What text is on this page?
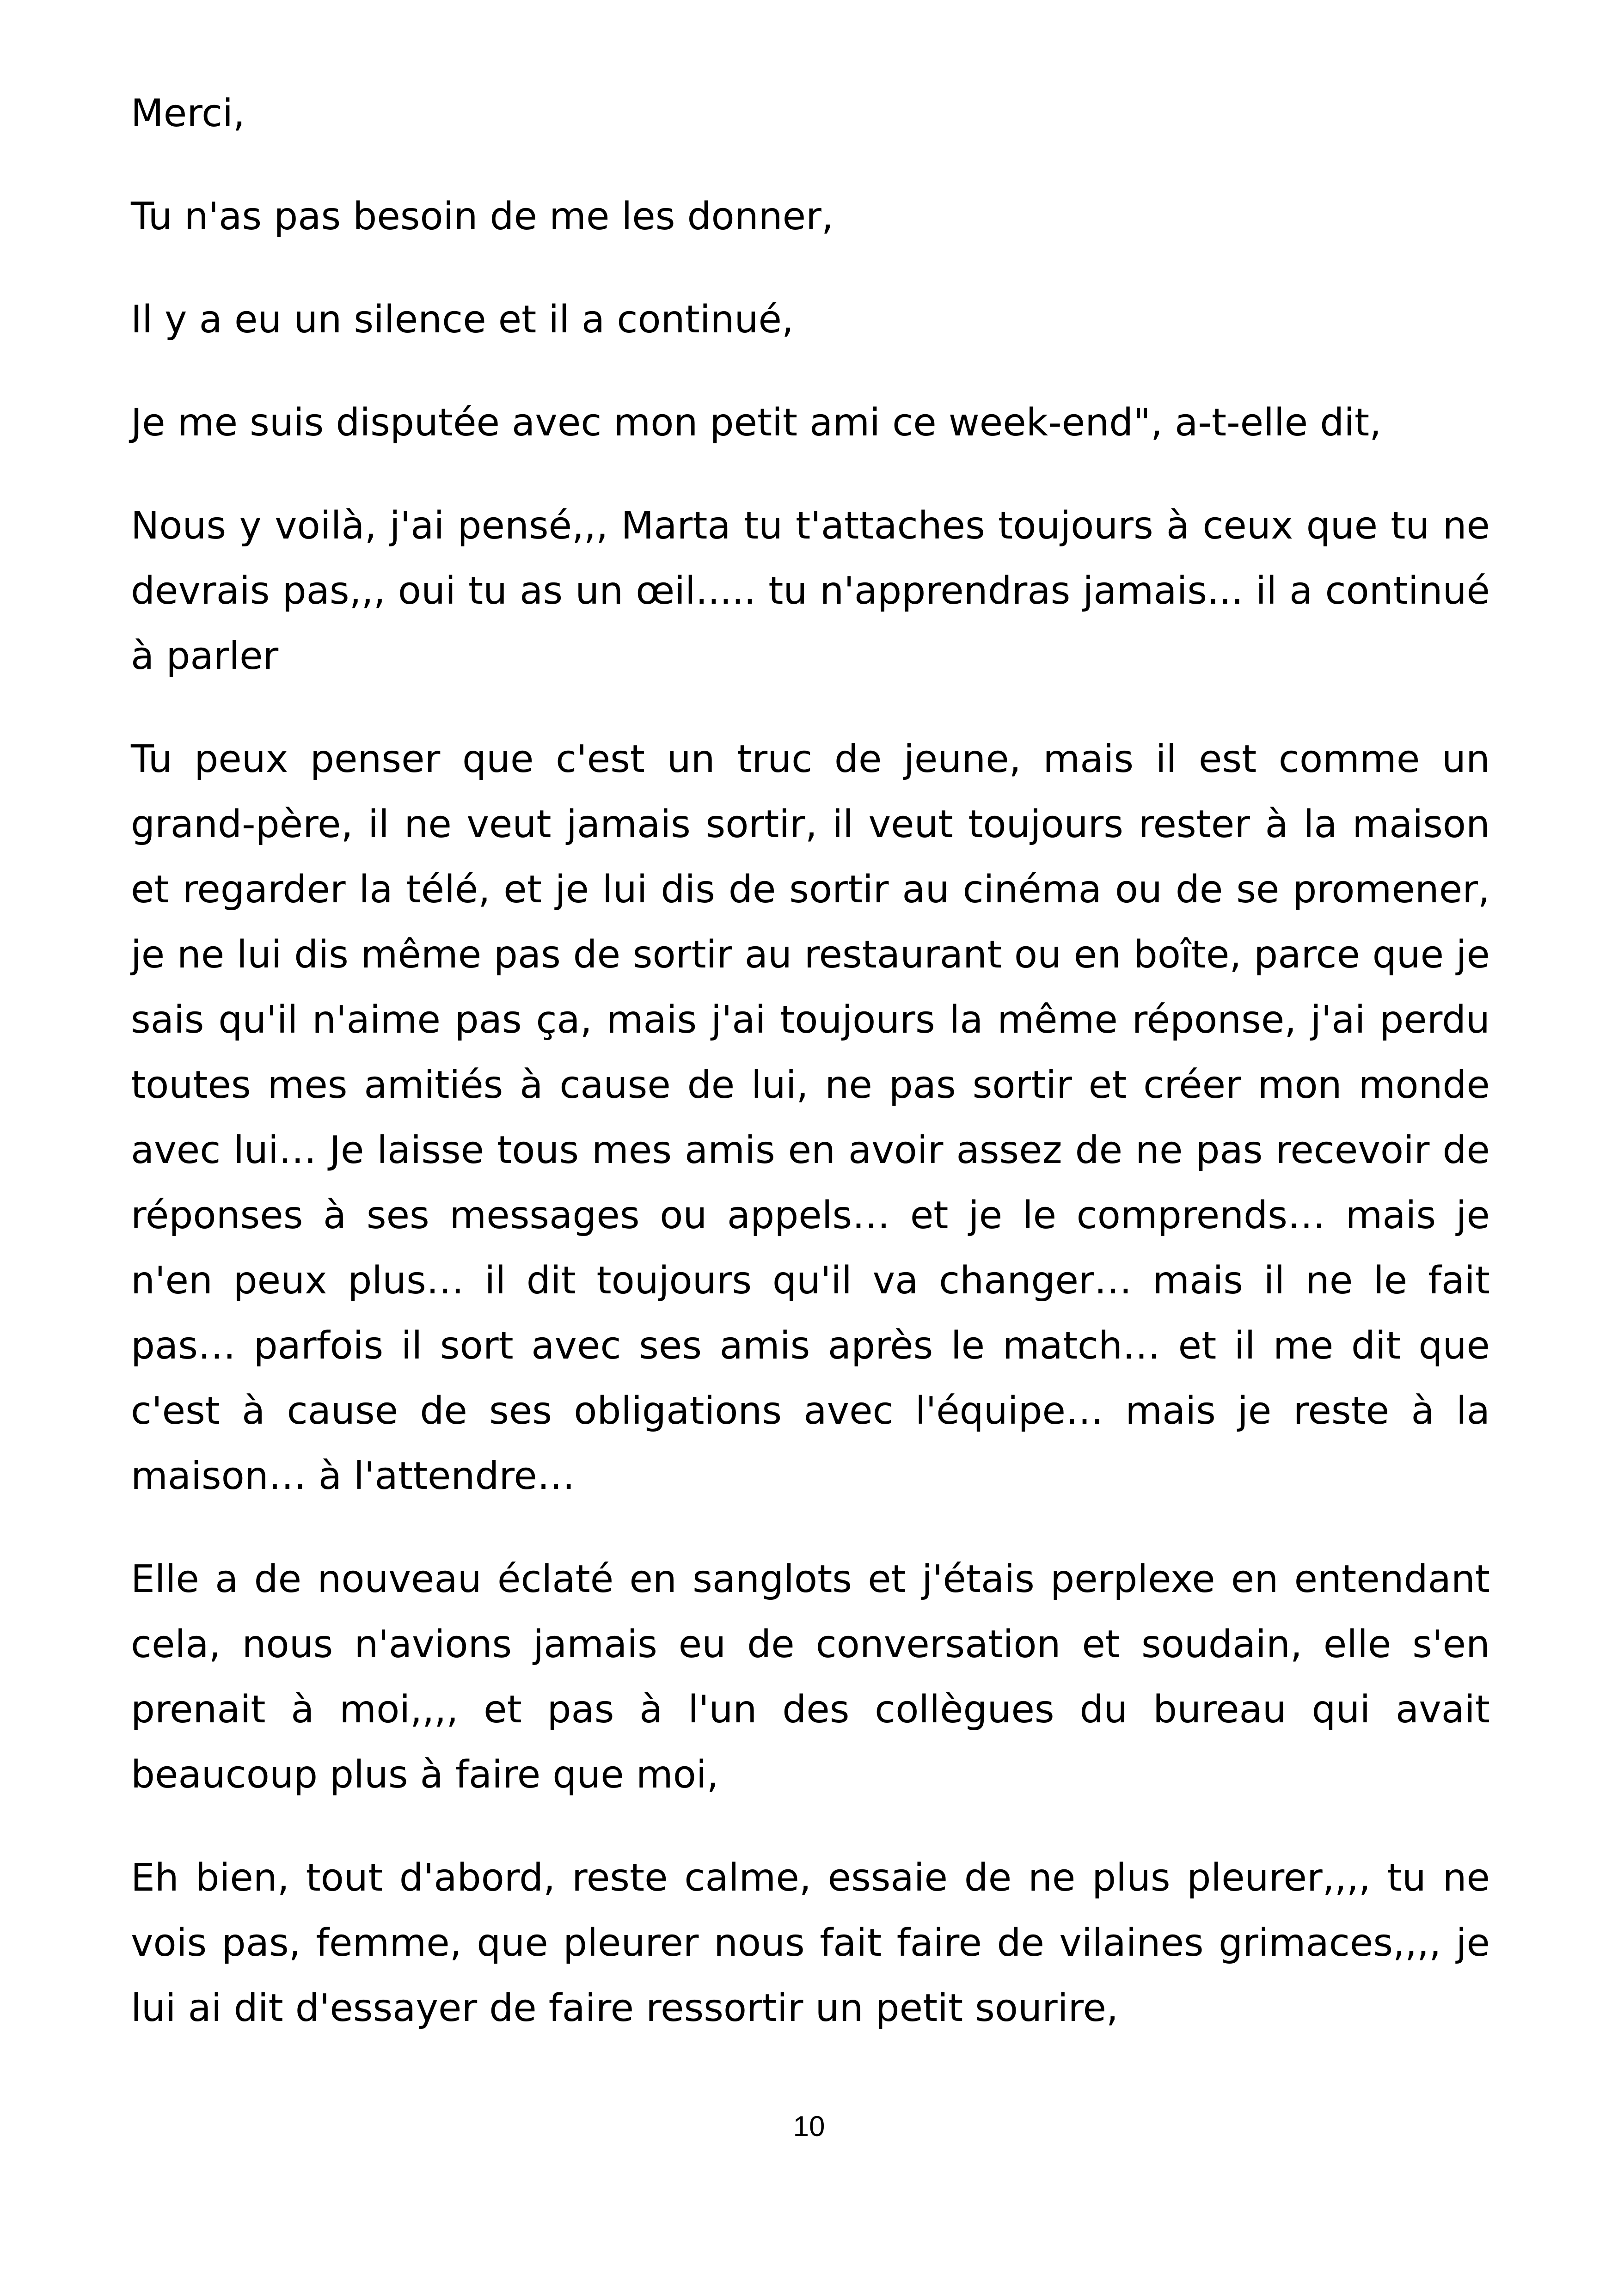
Merci,

Tu n'as pas besoin de me les donner,

Il y a eu un silence et il a continué,

Je me suis disputée avec mon petit ami ce week-end", a-t-elle dit,

Nous y voilà, j'ai pensé,,, Marta tu t'attaches toujours à ceux que tu ne devrais pas,,, oui tu as un œil..... tu n'apprendras jamais... il a continué à parler

Tu peux penser que c'est un truc de jeune, mais il est comme un grand-père, il ne veut jamais sortir, il veut toujours rester à la maison et regarder la télé, et je lui dis de sortir au cinéma ou de se promener, je ne lui dis même pas de sortir au restaurant ou en boîte, parce que je sais qu'il n'aime pas ça, mais j'ai toujours la même réponse, j'ai perdu toutes mes amitiés à cause de lui, ne pas sortir et créer mon monde avec lui… Je laisse tous mes amis en avoir assez de ne pas recevoir de réponses à ses messages ou appels… et je le comprends… mais je n'en peux plus… il dit toujours qu'il va changer… mais il ne le fait pas… parfois il sort avec ses amis après le match… et il me dit que c'est à cause de ses obligations avec l'équipe… mais je reste à la maison… à l'attendre…

Elle a de nouveau éclaté en sanglots et j'étais perplexe en entendant cela, nous n'avions jamais eu de conversation et soudain, elle s'en prenait à moi,,,, et pas à l'un des collègues du bureau qui avait beaucoup plus à faire que moi,

Eh bien, tout d'abord, reste calme, essaie de ne plus pleurer,,,, tu ne vois pas, femme, que pleurer nous fait faire de vilaines grimaces,,,, je lui ai dit d'essayer de faire ressortir un petit sourire,

10
